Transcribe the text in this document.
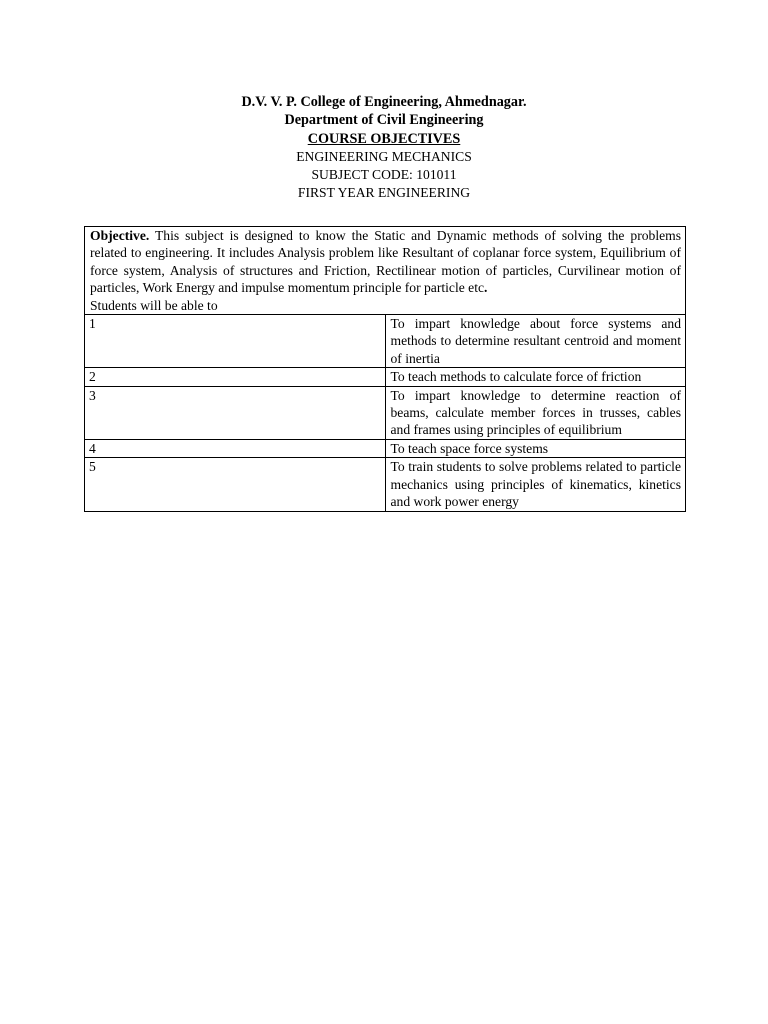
D.V. V. P. College of Engineering, Ahmednagar.
Department of Civil Engineering
COURSE OBJECTIVES
ENGINEERING MECHANICS
SUBJECT CODE: 101011
FIRST YEAR ENGINEERING
Objective. This subject is designed to know the Static and Dynamic methods of solving the problems related to engineering. It includes Analysis problem like Resultant of coplanar force system, Equilibrium of force system, Analysis of structures and Friction, Rectilinear motion of particles, Curvilinear motion of particles, Work Energy and impulse momentum principle for particle etc.
Students will be able to	

1	To impart knowledge about force systems and methods to determine resultant centroid and moment of inertia
2	To teach methods to calculate force of friction
3	To impart knowledge to determine reaction of beams, calculate member forces in trusses, cables and frames using principles of equilibrium
4	To teach space force systems
5	To train students to solve problems related to particle mechanics using principles of kinematics, kinetics and work power energy
